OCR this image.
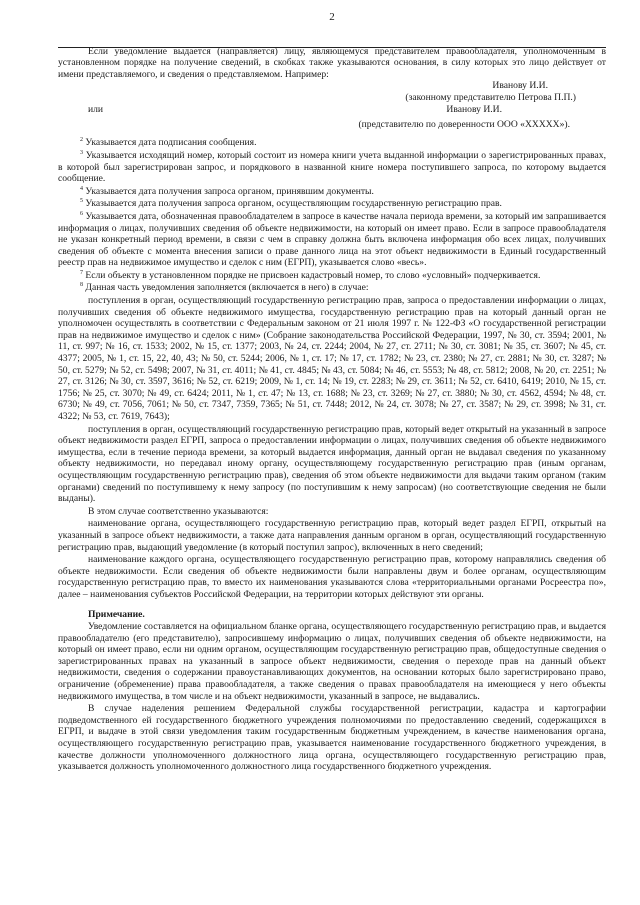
2

Если уведомление выдается (направляется) лицу, являющемуся представителем правообладателя, уполномоченным в установленном порядке на получение сведений, в скобках также указываются основания, в силу которых это лицо действует от имени представляемого, и сведения о представляемом. Например:

Иванову И.И.

(законному представителю Петрова П.П.)

или	Иванову И.И.

(представителю по доверенности ООО «ХХХХХ»).

$^2$ Указывается дата подписания сообщения.

$^3$ Указывается исходящий номер, который состоит из номера книги учета выданной информации о зарегистрированных правах, в которой был зарегистрирован запрос, и порядкового в названной книге номера поступившего запроса, по которому выдается сообщение.

$^4$ Указывается дата получения запроса органом, принявшим документы.

$^5$ Указывается дата получения запроса органом, осуществляющим государственную регистрацию прав.

$^6$ Указывается дата, обозначенная правообладателем в запросе в качестве начала периода времени, за который им запрашивается информация о лицах, получивших сведения об объекте недвижимости, на который он имеет право. Если в запросе правообладателя не указан конкретный период времени, в связи с чем в справку должна быть включена информация обо всех лицах, получивших сведения об объекте с момента внесения записи о праве данного лица на этот объект недвижимости в Единый государственный реестр прав на недвижимое имущество и сделок с ним (ЕГРП), указывается слово «весь».

$^7$ Если объекту в установленном порядке не присвоен кадастровый номер, то слово «условный» подчеркивается.

$^8$ Данная часть уведомления заполняется (включается в него) в случае:

поступления в орган, осуществляющий государственную регистрацию прав, запроса о предоставлении информации о лицах, получивших сведения об объекте недвижимого имущества, государственную регистрацию прав на который данный орган не уполномочен осуществлять в соответствии с Федеральным законом от 21 июля 1997 г. № 122-ФЗ «О государственной регистрации прав на недвижимое имущество и сделок с ним» (Собрание законодательства Российской Федерации, 1997, № 30, ст. 3594; 2001, № 11, ст. 997; № 16, ст. 1533; 2002, № 15, ст. 1377; 2003, № 24, ст. 2244; 2004, № 27, ст. 2711; № 30, ст. 3081; № 35, ст. 3607; № 45, ст. 4377; 2005, № 1, ст. 15, 22, 40, 43; № 50, ст. 5244; 2006, № 1, ст. 17; № 17, ст. 1782; № 23, ст. 2380; № 27, ст. 2881; № 30, ст. 3287; № 50, ст. 5279; № 52, ст. 5498; 2007, № 31, ст. 4011; № 41, ст. 4845; № 43, ст. 5084; № 46, ст. 5553; № 48, ст. 5812; 2008, № 20, ст. 2251; № 27, ст. 3126; № 30, ст. 3597, 3616; № 52, ст. 6219; 2009, № 1, ст. 14; № 19, ст. 2283; № 29, ст. 3611; № 52, ст. 6410, 6419; 2010, № 15, ст. 1756; № 25, ст. 3070; № 49, ст. 6424; 2011, № 1, ст. 47; № 13, ст. 1688; № 23, ст. 3269; № 27, ст. 3880; № 30, ст. 4562, 4594; № 48, ст. 6730; № 49, ст. 7056, 7061; № 50, ст. 7347, 7359, 7365; № 51, ст. 7448; 2012, № 24, ст. 3078; № 27, ст. 3587; № 29, ст. 3998; № 31, ст. 4322; № 53, ст. 7619, 7643);

поступления в орган, осуществляющий государственную регистрацию прав, который ведет открытый на указанный в запросе объект недвижимости раздел ЕГРП, запроса о предоставлении информации о лицах, получивших сведения об объекте недвижимого имущества, если в течение периода времени, за который выдается информация, данный орган не выдавал сведения по указанному объекту недвижимости, но передавал иному органу, осуществляющему государственную регистрацию прав (иным органам, осуществляющим государственную регистрацию прав), сведения об этом объекте недвижимости для выдачи таким органом (таким органами) сведений по поступившему к нему запросу (по поступившим к нему запросам) (но соответствующие сведения не были выданы).

В этом случае соответственно указываются:

наименование органа, осуществляющего государственную регистрацию прав, который ведет раздел ЕГРП, открытый на указанный в запросе объект недвижимости, а также дата направления данным органом в орган, осуществляющий государственную регистрацию прав, выдающий уведомление (в который поступил запрос), включенных в него сведений;

наименование каждого органа, осуществляющего государственную регистрацию прав, которому направлялись сведения об объекте недвижимости. Если сведения об объекте недвижимости были направлены двум и более органам, осуществляющим государственную регистрацию прав, то вместо их наименования указываются слова «территориальными органами Росреестра по», далее – наименования субъектов Российской Федерации, на территории которых действуют эти органы.

Примечание.

Уведомление составляется на официальном бланке органа, осуществляющего государственную регистрацию прав, и выдается правообладателю (его представителю), запросившему информацию о лицах, получивших сведения об объекте недвижимости, на который он имеет право, если ни одним органом, осуществляющим государственную регистрацию прав, общедоступные сведения о зарегистрированных правах на указанный в запросе объект недвижимости, сведения о переходе прав на данный объект недвижимости, сведения о содержании правоустанавливающих документов, на основании которых было зарегистрировано право, ограничение (обременение) права правообладателя, а также сведения о правах правообладателя на имеющиеся у него объекты недвижимого имущества, в том числе и на объект недвижимости, указанный в запросе, не выдавались.

В случае наделения решением Федеральной службы государственной регистрации, кадастра и картографии подведомственного ей государственного бюджетного учреждения полномочиями по предоставлению сведений, содержащихся в ЕГРП, и выдаче в этой связи уведомления таким государственным бюджетным учреждением, в качестве наименования органа, осуществляющего государственную регистрацию прав, указывается наименование государственного бюджетного учреждения, в качестве должности уполномоченного должностного лица органа, осуществляющего государственную регистрацию прав, указывается должность уполномоченного должностного лица государственного бюджетного учреждения.
